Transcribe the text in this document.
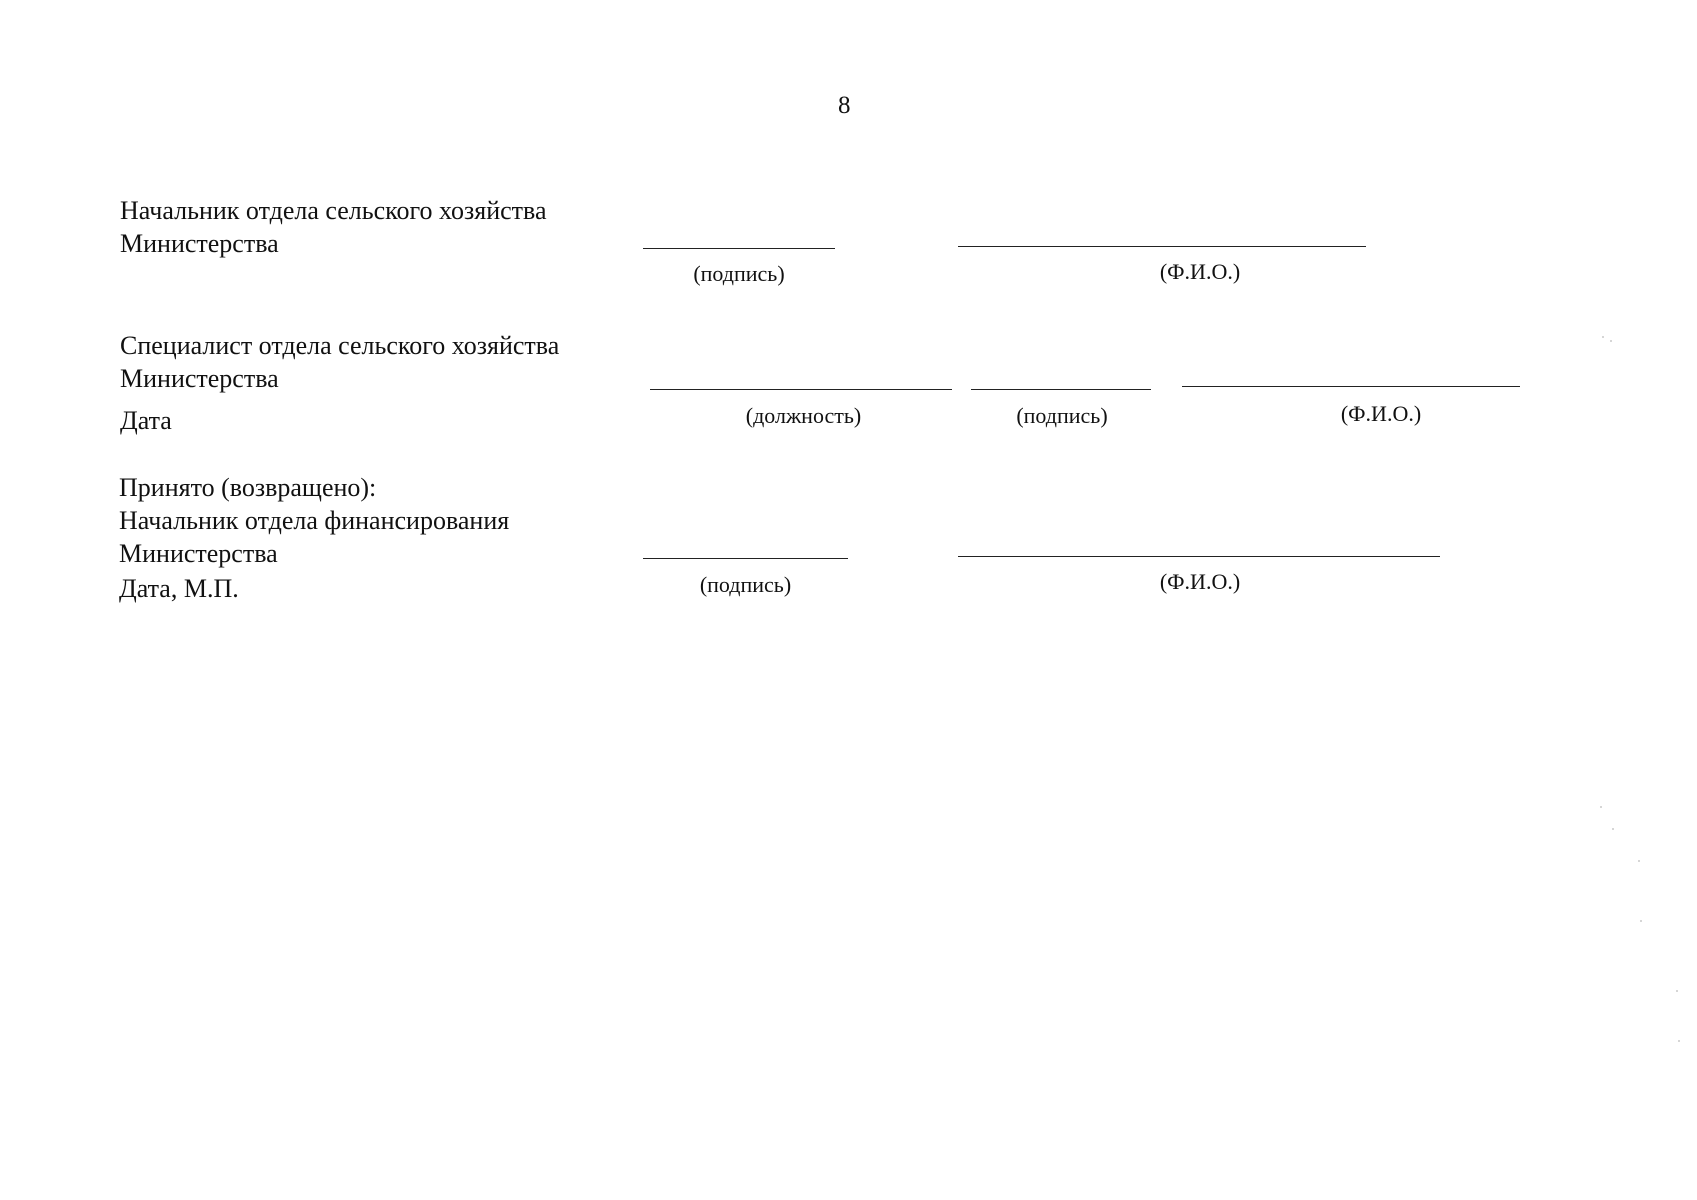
8
Начальник отдела сельского хозяйства
Министерства
(подпись)	(Ф.И.О.)
Специалист отдела сельского хозяйства
Министерства
Дата	(должность)	(подпись)	(Ф.И.О.)
Принято (возвращено):
Начальник отдела финансирования
Министерства
Дата, М.П.	(подпись)	(Ф.И.О.)
